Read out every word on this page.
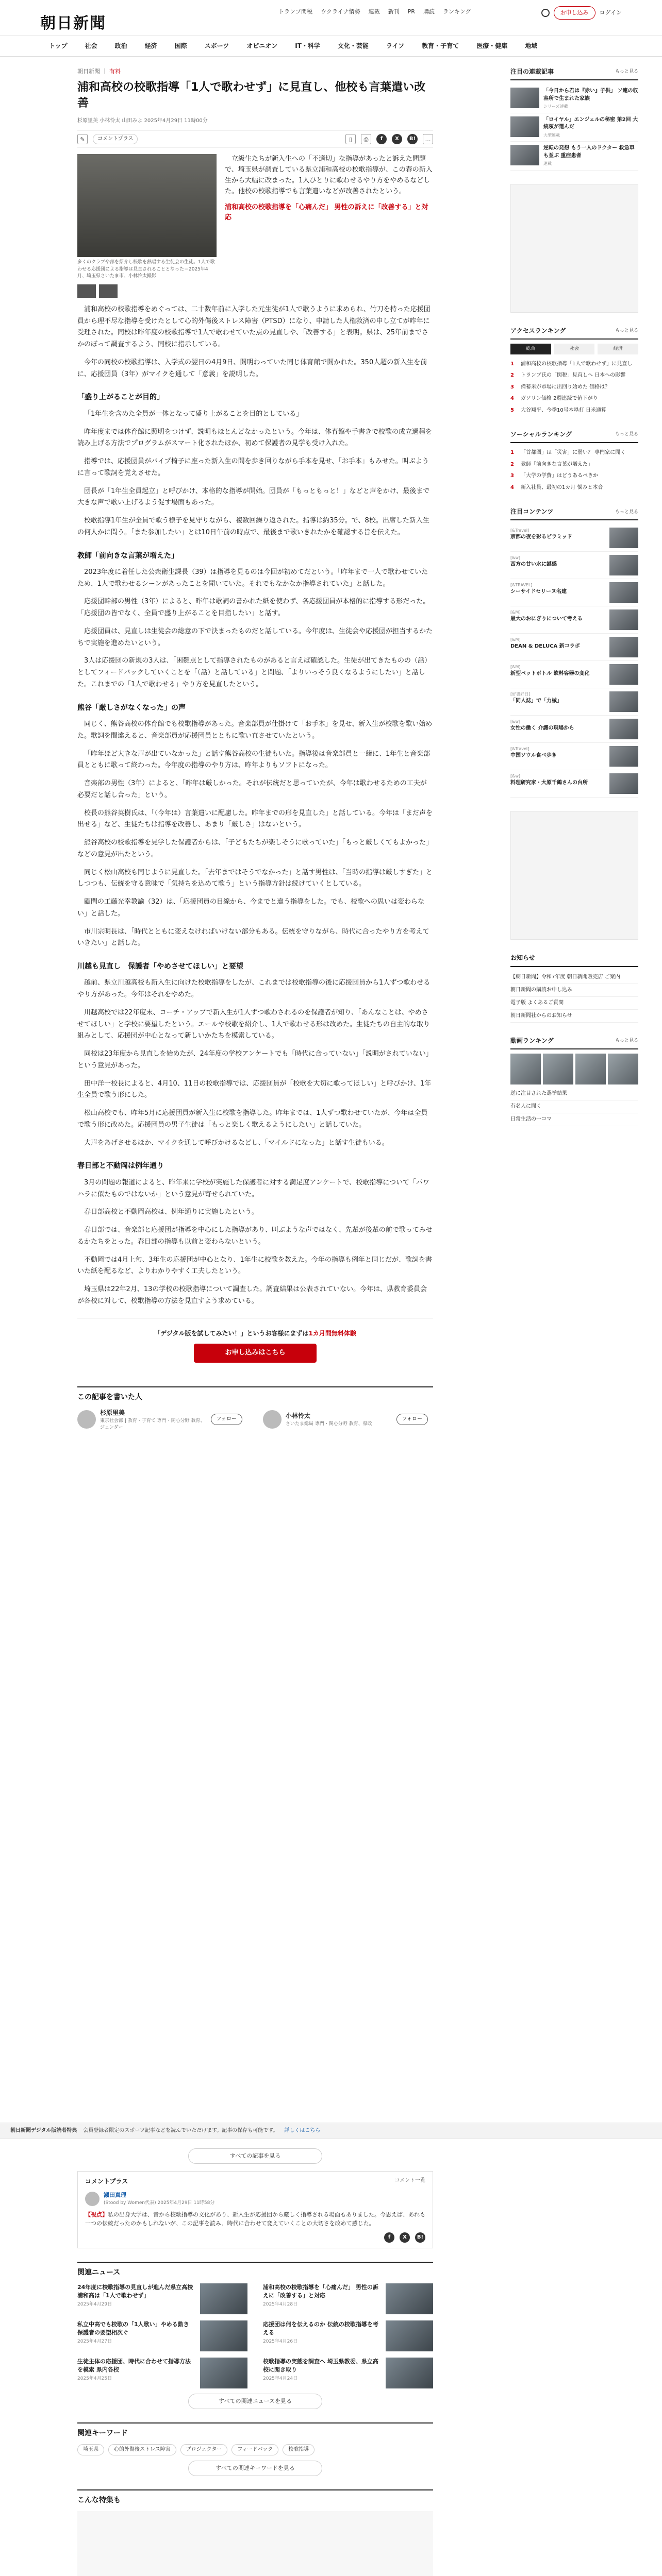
朝日新聞
トランプ関税 ウクライナ情勢 連載 新刊 PR 購読 ランキング	お申し込み	ログイン
トップ	社会	政治	経済	国際	スポーツ	オピニオン	IT・科学	文化・芸能	ライフ	教育・子育て	医療・健康	地域
朝日新聞 ｜ 有料
浦和高校の校歌指導「1人で歌わせず」に見直し、他校も言葉遣い改善
杉原里美 小林怜太 山田みよ 2025年4月29日 11時00分
✎	コメントプラス	▯	⎙	f	X	B!	…
多くのクラブや部を紹介し校歌を熱唱する生徒会の生徒。1人で歌わせる応援団による指導は見直されることとなった＝2025年4月、埼玉県さいたま市、小林怜太撮影

立級生たちが新入生への「不適切」な指導があったと訴えた問題で、埼玉県が調査している県立浦和高校の校歌指導が、この春の新入生から大幅に改まった。1人ひとりに歌わせるやり方をやめるなどした。他校の校歌指導でも言葉遣いなどが改善されたという。

浦和高校の校歌指導を「心痛んだ」 男性の訴えに「改善する」と対応

浦和高校の校歌指導をめぐっては、二十数年前に入学した元生徒が1人で歌うように求められ、竹刀を持った応援団員から理不尽な指導を受けたとして心的外傷後ストレス障害（PTSD）になり、申請した人権救済の申し立てが昨年に受理された。同校は昨年度の校歌指導で1人で歌わせていた点の見直しや、「改善する」と表明。県は、25年前までさかのぼって調査するよう、同校に指示している。

今年の同校の校歌指導は、入学式の翌日の4月9日、開明わっていた同じ体育館で開かれた。350人超の新入生を前に、応援団員（3年）がマイクを通して「意義」を説明した。

「盛り上がることが目的」

「1年生を含めた全員が一体となって盛り上がることを目的としている」

昨年度までは体育館に照明をつけず、説明もほとんどなかったという。今年は、体育館や手書きで校歌の成立過程を読み上げる方法でプログラムがスマート化されたほか、初めて保護者の見学も受け入れた。

指導では、応援団員がパイプ椅子に座った新入生の間を歩き回りながら手本を見せ、「お手本」もみせた。叫ぶように言って歌詞を覚えさせた。

団長が「1年生全員起立」と呼びかけ、本格的な指導が開始。団員が「もっともっと！」などと声をかけ、最後まで大きな声で歌い上げるよう促す場面もあった。

校歌指導1年生が全員で歌う様子を見守りながら、複数回繰り返された。指導は約35分。で、8校。出席した新入生の何人かに問う。「また参加したい」とは10日午前の時点で、最後まで歌いきれたかを確認する旨を伝えた。

教師「前向きな言葉が増えた」

2023年度に着任した公衆衛生課長（39）は指導を見るのは今回が初めてだという。「昨年まで一人で歌わせていたため、1人で歌わせるシーンがあったことを聞いていた。それでもなかなか指導されていた」と話した。

応援団幹部の男性（3年）によると、昨年は歌詞の書かれた紙を使わず、各応援団員が本格的に指導する形だった。「応援団の皆でなく、全員で盛り上がることを目指したい」と話す。

応援団員は、見直しは生徒会の総意の下で決まったものだと話している。今年度は、生徒会や応援団が担当するかたちで実施を進めたいという。

3人は応援団の新規の3人は、「困難点として指導されたものがあると言えば確認した。生徒が出てきたものの（話）としてフィードバックしていくことを「（話）と話している」と問題、「よりいっそう良くなるようにしたい」と話した。これまでの「1人で歌わせる」やり方を見直したという。

熊谷「厳しさがなくなった」の声

同じく、熊谷高校の体育館でも校歌指導があった。音楽部員が仕掛けて「お手本」を見せ、新入生が校歌を歌い始めた。歌詞を間違えると、音楽部員が応援団員とともに歌い直させていたという。

「昨年ほど大きな声が出ていなかった」と話す熊谷高校の生徒もいた。指導後は音楽部員と一緒に、1年生と音楽部員とともに歌って終わった。今年度の指導のやり方は、昨年よりもソフトになった。

音楽部の男性（3年）によると、「昨年は厳しかった。それが伝統だと思っていたが、今年は歌わせるための工夫が必要だと話し合った」という。

校長の熊谷英樹氏は、「（今年は）言葉遣いに配慮した。昨年までの形を見直した」と話している。今年は「まだ声を出せる」など、生徒たちは指導を改善し、あまり「厳しさ」はないという。

熊谷高校の校歌指導を見学した保護者からは、「子どもたちが楽しそうに歌っていた」「もっと厳しくてもよかった」などの意見が出たという。

同じく松山高校も同じように見直した。「去年まではそうでなかった」と話す男性は、「当時の指導は厳しすぎた」としつつも、伝統を守る意味で「気持ちを込めて歌う」という指導方針は続けていくとしている。

顧問の工藤光幸教諭（32）は、「応援団員の目線から、今までと違う指導をした。でも、校歌への思いは変わらない」と話した。

市川宗明長は、「時代とともに変えなければいけない部分もある。伝統を守りながら、時代に合ったやり方を考えていきたい」と話した。

川越も見直し　保護者「やめさせてほしい」と要望

越前、県立川越高校も新入生に向けた校歌指導をしたが、これまでは校歌指導の後に応援団員から1人ずつ歌わせるやり方があった。今年はそれをやめた。

川越高校では22年度末、コーチ・アップで新入生が1人ずつ歌わされるのを保護者が知り、「あんなことは、やめさせてほしい」と学校に要望したという。エールや校歌を紹介し、1人で歌わせる形は改めた。生徒たちの自主的な取り組みとして、応援団が中心となって新しいかたちを模索している。

同校は23年度から見直しを始めたが、24年度の学校アンケートでも「時代に合っていない」「説明がされていない」という意見があった。

田中洋一校長によると、4月10、11日の校歌指導では、応援団員が「校歌を大切に歌ってほしい」と呼びかけ、1年生全員で歌う形にした。

松山高校でも、昨年5月に応援団員が新入生に校歌を指導した。昨年までは、1人ずつ歌わせていたが、今年は全員で歌う形に改めた。応援団員の男子生徒は「もっと楽しく歌えるようにしたい」と話していた。

大声をあげさせるほか、マイクを通して呼びかけるなどし、「マイルドになった」と話す生徒もいる。

春日部と不動岡は例年通り

3月の問題の報道によると、昨年来に学校が実施した保護者に対する満足度アンケートで、校歌指導について「パワハラに似たものではないか」という意見が寄せられていた。

春日部高校と不動岡高校は、例年通りに実施したという。

春日部では、音楽部と応援団が指導を中心にした指導があり、叫ぶような声ではなく、先輩が後輩の前で歌ってみせるかたちをとった。春日部の指導も以前と変わらないという。

不動岡では4月上旬、3年生の応援団が中心となり、1年生に校歌を教えた。今年の指導も例年と同じだが、歌詞を書いた紙を配るなど、よりわかりやすく工夫したという。

埼玉県は22年2月、13の学校の校歌指導について調査した。調査結果は公表されていない。今年は、県教育委員会が各校に対して、校歌指導の方法を見直すよう求めている。

「デジタル版を試してみたい！」というお客様にまずは1カ月間無料体験
お申し込みはこちら
この記事を書いた人
杉原里美
東京社会部 | 教育・子育て 専門・関心分野 教育、ジェンダー
フォロー	小林怜太
さいたま総局 専門・関心分野 教育、県政
フォロー
朝日新聞デジタル版読者特典 会員登録者限定のスポーツ記事などを読んでいただけます。記事の保存も可能です。 詳しくはこちら
すべての記事を見る
コメントプラス	コメント一覧
瀬田真理
(Stood by Women代表) 2025年4月29日 11時58分
【視点】私の出身大学は、昔から校歌指導の文化があり、新入生が応援団から厳しく指導される場面もありました。今思えば、あれも一つの伝統だったのかもしれないが、この記事を読み、時代に合わせて変えていくことの大切さを改めて感じた。
f	X	B!
関連ニュース
24年度に校歌指導の見直しが進んだ県立高校 浦和高は「1人で歌わせず」
2025年4月29日
浦和高校の校歌指導を「心痛んだ」 男性の訴えに「改善する」と対応
2025年4月28日
私立中高でも校歌の「1人歌い」やめる動き 保護者の要望相次ぐ
2025年4月27日
応援団は何を伝えるのか 伝統の校歌指導を考える
2025年4月26日
生徒主体の応援団、時代に合わせて指導方法を模索 県内各校
2025年4月25日
校歌指導の実態を調査へ 埼玉県教委、県立高校に聞き取り
2025年4月24日
すべての関連ニュースを見る
関連キーワード
埼玉県	心的外傷後ストレス障害	プロジェクター	フィードバック	校歌指導
すべての関連キーワードを見る
こんな特集も
注目の連載記事	もっと見る
「今日から君は『赤い』子供」 ソ連の収容所で生まれた家族
シリーズ連載
「ロイヤル」エンジェルの秘密 第2回 大統領が選んだ
大型連載
逆転の発想 もう一人のドクター 救急車も並ぶ 重症患者
連載
アクセスランキング	もっと見る
総合	社会	経済
1	浦和高校の校歌指導「1人で歌わせず」に見直し
2	トランプ氏の「関税」見直しへ 日本への影響
3	備蓄米が市場に出回り始めた 価格は？
4	ガソリン価格 2週連続で値下がり
5	大谷翔平、今季10号本塁打 日米通算
ソーシャルランキング	もっと見る
1	「首都圏」は「災害」に弱い？ 専門家に聞く
2	教師「前向きな言葉が増えた」
3	「大学の学費」はどうあるべきか
4	新入社員、最初の1カ月 悩みと本音
注目コンテンツ	もっと見る
[&Travel]
京都の夜を彩るピラミッド
[&w]
西方の甘い水に謎感
[&TRAVEL]
シーサイドセリーヌ名建
[&M]
最大のおにぎりについて考える
[&M]
DEAN & DELUCA 新コラボ
[&M]
新型ペットボトル 飲料容器の変化
[好書好日]
「同人誌」で「力械」
[&w]
女性の働く 介護の現場から
[&Travel]
中国ソウル食べ歩き
[&w]
料理研究家・大原千鶴さんの台所
お知らせ
【朝日新聞】令和7年度 朝日新聞販売店 ご案内
朝日新聞の購読お申し込み
電子版 よくあるご質問
朝日新聞社からのお知らせ
動画ランキング	もっと見る
逆に注目された選挙結果
有名人に聞く
日常生活の一コマ
